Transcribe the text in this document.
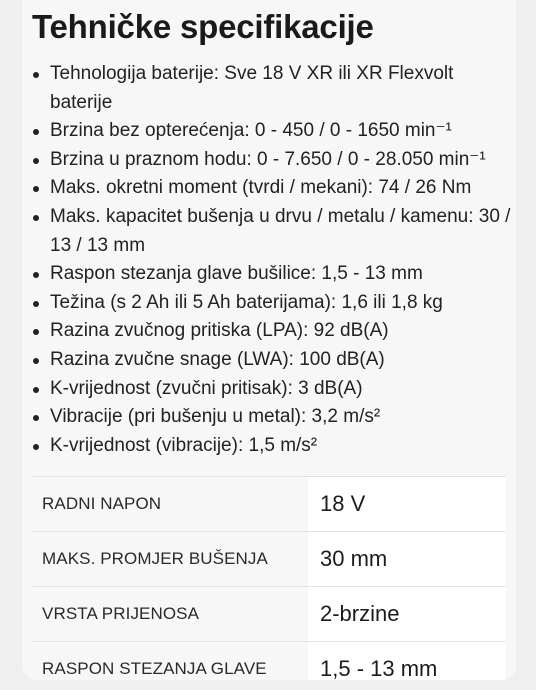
Tehničke specifikacije
Tehnologija baterije: Sve 18 V XR ili XR Flexvolt baterije
Brzina bez opterećenja: 0 - 450 / 0 - 1650 min⁻¹
Brzina u praznom hodu: 0 - 7.650 / 0 - 28.050 min⁻¹
Maks. okretni moment (tvrdi / mekani): 74 / 26 Nm
Maks. kapacitet bušenja u drvu / metalu / kamenu: 30 / 13 / 13 mm
Raspon stezanja glave bušilice: 1,5 - 13 mm
Težina (s 2 Ah ili 5 Ah baterijama): 1,6 ili 1,8 kg
Razina zvučnog pritiska (LPA): 92 dB(A)
Razina zvučne snage (LWA): 100 dB(A)
K-vrijednost (zvučni pritisak): 3 dB(A)
Vibracije (pri bušenju u metal): 3,2 m/s²
K-vrijednost (vibracije): 1,5 m/s²
RADNI NAPON	18 V
MAKS. PROMJER BUŠENJA	30 mm
VRSTA PRIJENOSA	2-brzine
RASPON STEZANJA GLAVE	1,5 - 13 mm
